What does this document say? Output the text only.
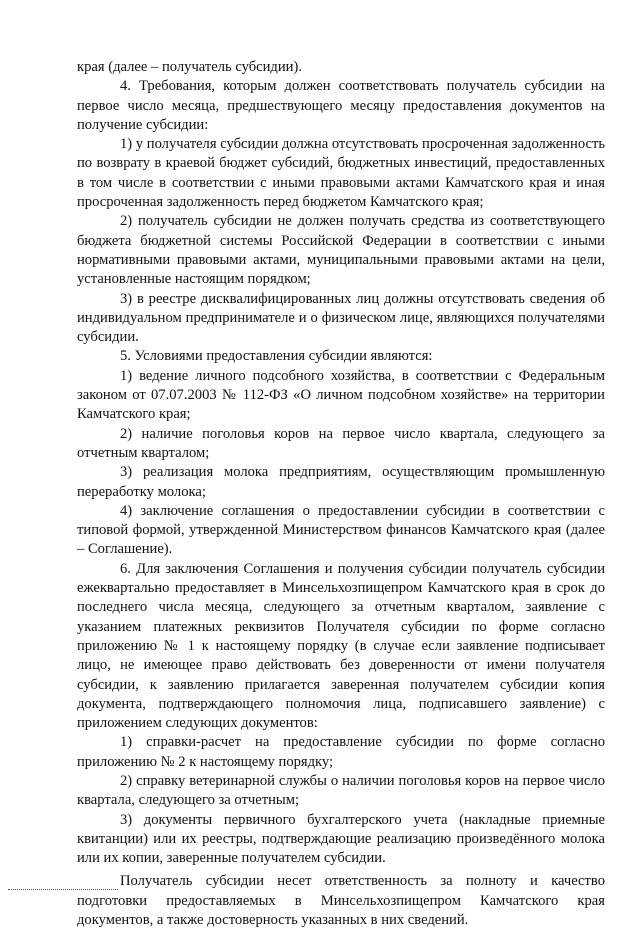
края (далее – получатель субсидии).

4. Требования, которым должен соответствовать получатель субсидии на первое число месяца, предшествующего месяцу предоставления документов на получение субсидии:

1) у получателя субсидии должна отсутствовать просроченная задолженность по возврату в краевой бюджет субсидий, бюджетных инвестиций, предоставленных в том числе в соответствии с иными правовыми актами Камчатского края и иная просроченная задолженность перед бюджетом Камчатского края;

2) получатель субсидии не должен получать средства из соответствующего бюджета бюджетной системы Российской Федерации в соответствии с иными нормативными правовыми актами, муниципальными правовыми актами на цели, установленные настоящим порядком;

3) в реестре дисквалифицированных лиц должны отсутствовать сведения об индивидуальном предпринимателе и о физическом лице, являющихся получателями субсидии.

5. Условиями предоставления субсидии являются:

1) ведение личного подсобного хозяйства, в соответствии с Федеральным законом от 07.07.2003 № 112-ФЗ «О личном подсобном хозяйстве» на территории Камчатского края;

2) наличие поголовья коров на первое число квартала, следующего за отчетным кварталом;

3) реализация молока предприятиям, осуществляющим промышленную переработку молока;

4) заключение соглашения о предоставлении субсидии в соответствии с типовой формой, утвержденной Министерством финансов Камчатского края (далее – Соглашение).

6. Для заключения Соглашения и получения субсидии получатель субсидии ежеквартально предоставляет в Минсельхозпищепром Камчатского края в срок до последнего числа месяца, следующего за отчетным кварталом, заявление с указанием платежных реквизитов Получателя субсидии по форме согласно приложению № 1 к настоящему порядку (в случае если заявление подписывает лицо, не имеющее право действовать без доверенности от имени получателя субсидии, к заявлению прилагается заверенная получателем субсидии копия документа, подтверждающего полномочия лица, подписавшего заявление) с приложением следующих документов:

1) справки-расчет на предоставление субсидии по форме согласно приложению № 2 к настоящему порядку;

2) справку ветеринарной службы о наличии поголовья коров на первое число квартала, следующего за отчетным;

3) документы первичного бухгалтерского учета (накладные приемные квитанции) или их реестры, подтверждающие реализацию произведённого молока или их копии, заверенные получателем субсидии.

Получатель субсидии несет ответственность за полноту и качество подготовки предоставляемых в Минсельхозпищепром Камчатского края документов, а также достоверность указанных в них сведений.
